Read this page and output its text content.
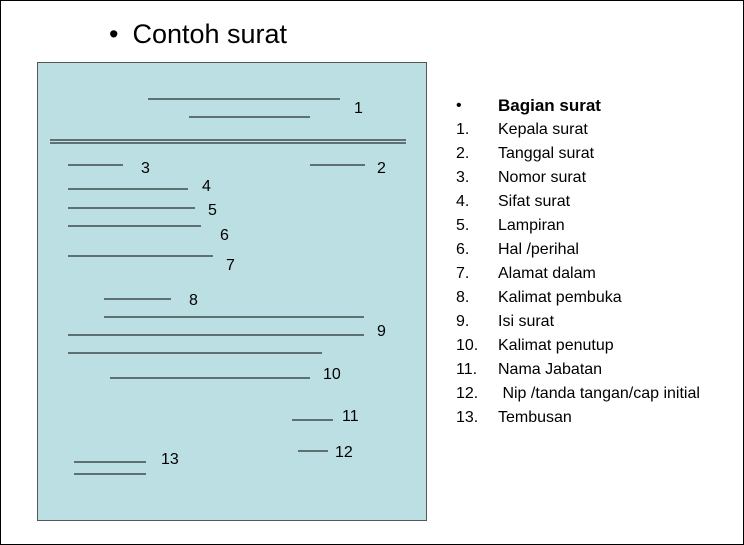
• Contoh surat
1
2
3
4
5
6
7
8
9
10
11
12
13
• Bagian surat
1. Kepala surat
2. Tanggal surat
3. Nomor surat
4. Sifat surat
5. Lampiran
6. Hal /perihal
7. Alamat dalam
8. Kalimat pembuka
9. Isi surat
10. Kalimat penutup
11. Nama Jabatan
12. Nip /tanda tangan/cap initial
13. Tembusan
